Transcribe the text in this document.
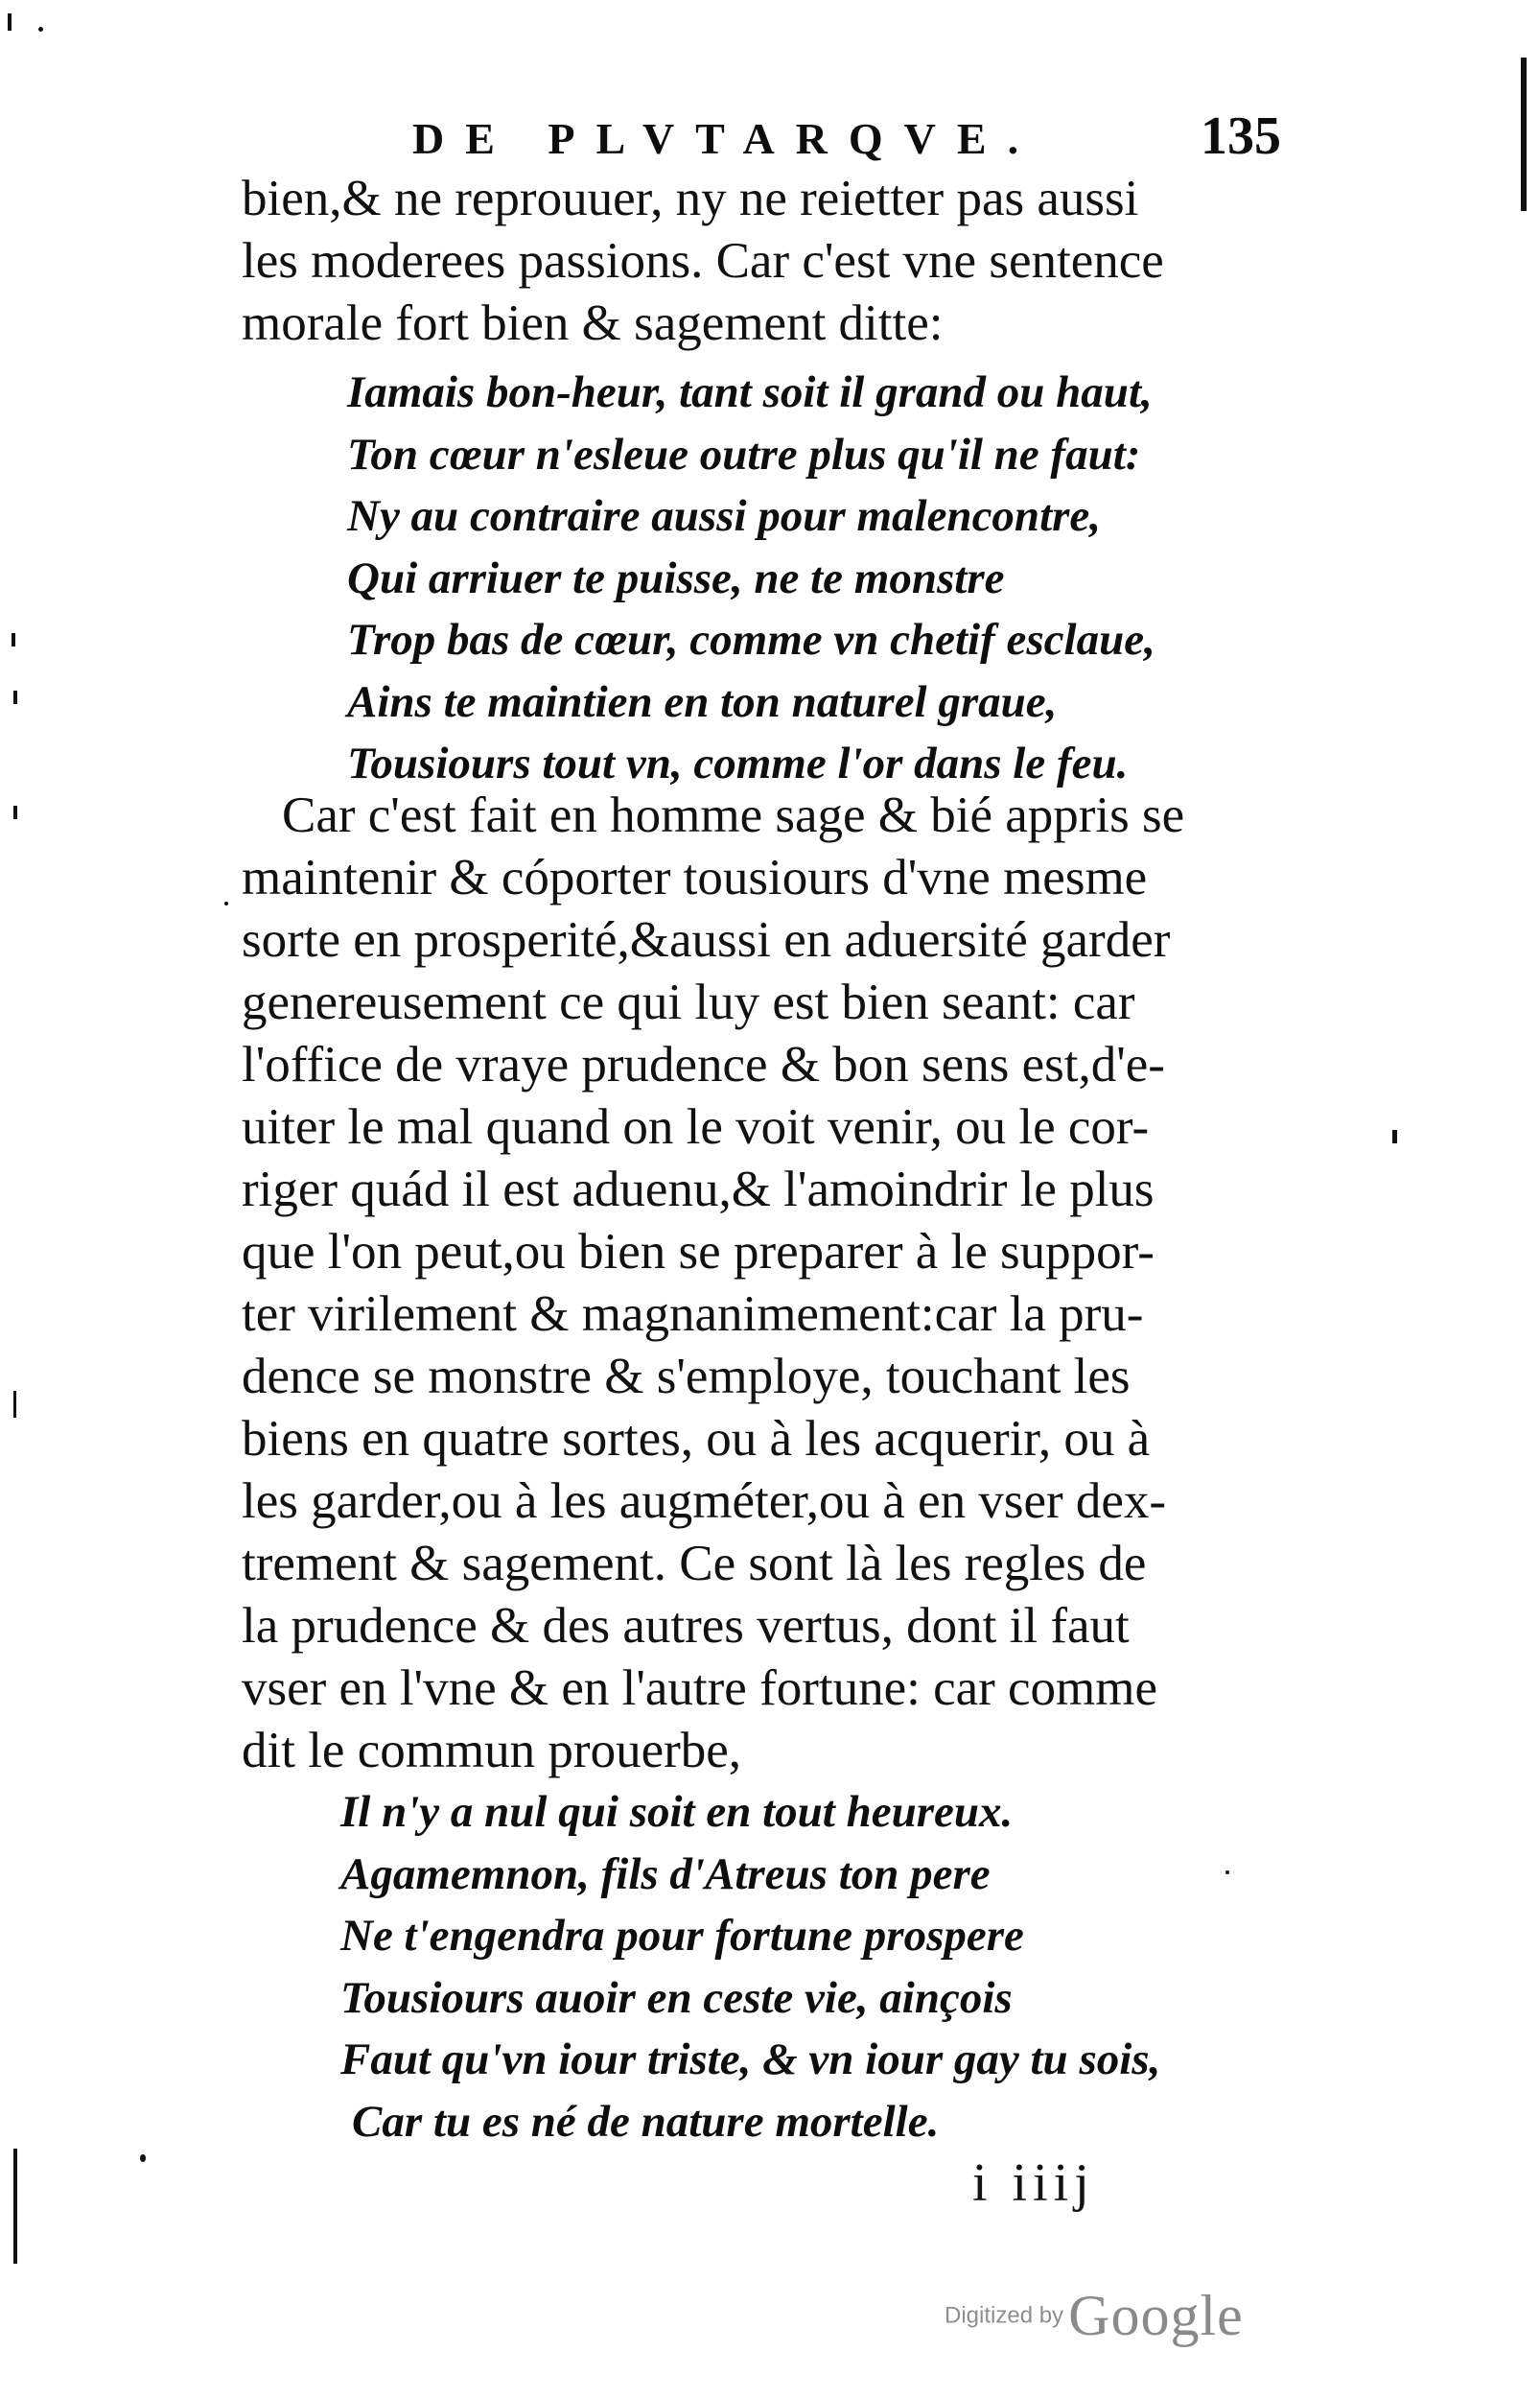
DE PLVTARQVE.	135
bien,& ne reprouuer, ny ne reietter pas aussi
les moderees passions. Car c'est vne sentence
morale fort bien & sagement ditte:
Iamais bon-heur, tant soit il grand ou haut,
Ton cœur n'esleue outre plus qu'il ne faut:
Ny au contraire aussi pour malencontre,
Qui arriuer te puisse, ne te monstre
Trop bas de cœur, comme vn chetif esclaue,
Ains te maintien en ton naturel graue,
Tousiours tout vn, comme l'or dans le feu.
Car c'est fait en homme sage & bié appris se
maintenir & cóporter tousiours d'vne mesme
sorte en prosperité,&aussi en aduersité garder
genereusement ce qui luy est bien seant: car
l'office de vraye prudence & bon sens est,d'e-
uiter le mal quand on le voit venir, ou le cor-
riger quád il est aduenu,& l'amoindrir le plus
que l'on peut,ou bien se preparer à le suppor-
ter virilement & magnanimement:car la pru-
dence se monstre & s'employe, touchant les
biens en quatre sortes, ou à les acquerir, ou à
les garder,ou à les augméter,ou à en vser dex-
trement & sagement. Ce sont là les regles de
la prudence & des autres vertus, dont il faut
vser en l'vne & en l'autre fortune: car comme
dit le commun prouerbe,
Il n'y a nul qui soit en tout heureux.
Agamemnon, fils d'Atreus ton pere
Ne t'engendra pour fortune prospere
Tousiours auoir en ceste vie, ainçois
Faut qu'vn iour triste, & vn iour gay tu sois,
Car tu es né de nature mortelle.
i iiij
Digitized by Google
